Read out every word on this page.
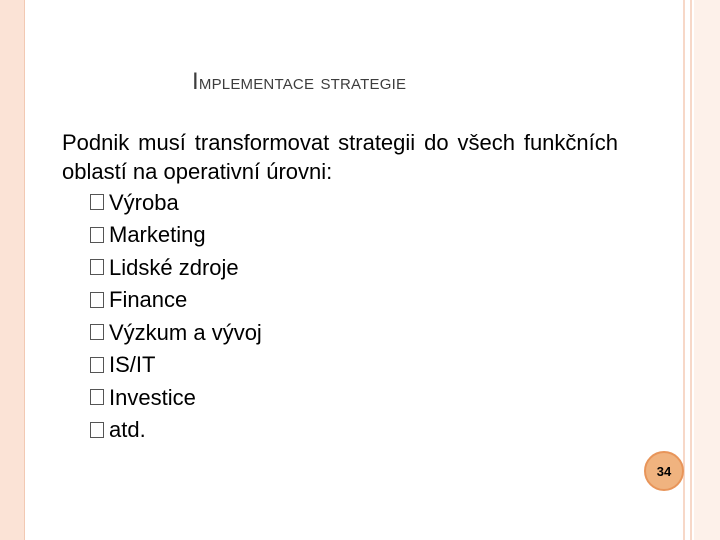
Implementace strategie

Podnik musí transformovat strategii do všech funkčních oblastí na operativní úrovni:

Výroba
Marketing
Lidské zdroje
Finance
Výzkum a vývoj
IS/IT
Investice
atd.
34
